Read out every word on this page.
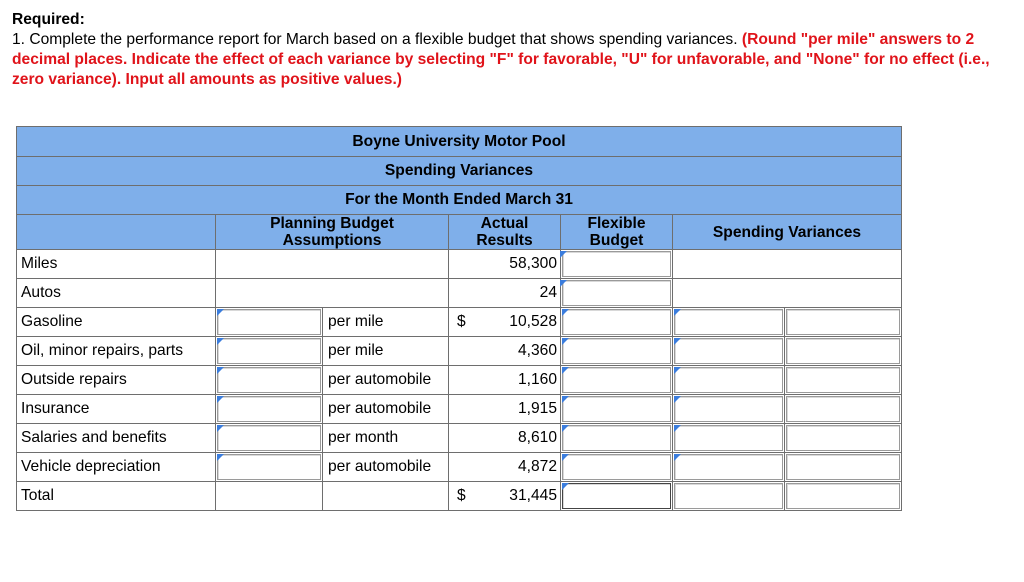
Required:
1. Complete the performance report for March based on a flexible budget that shows spending variances. (Round "per mile" answers to 2 decimal places. Indicate the effect of each variance by selecting "F" for favorable, "U" for unfavorable, and "None" for no effect (i.e., zero variance). Input all amounts as positive values.)
Boyne University Motor Pool						
Spending Variances						
For the Month Ended March 31						
	Planning Budget Assumptions		Actual Results	Flexible Budget	Spending Variances	
Miles			58,300		

Autos			24		

Gasoline		per mile	$ 10,528	

Oil, minor repairs, parts		per mile	4,360	

Outside repairs		per automobile	1,160	

Insurance		per automobile	1,915	

Salaries and benefits		per month	8,610	

Vehicle depreciation		per automobile	4,872	

Total			$ 31,445	
